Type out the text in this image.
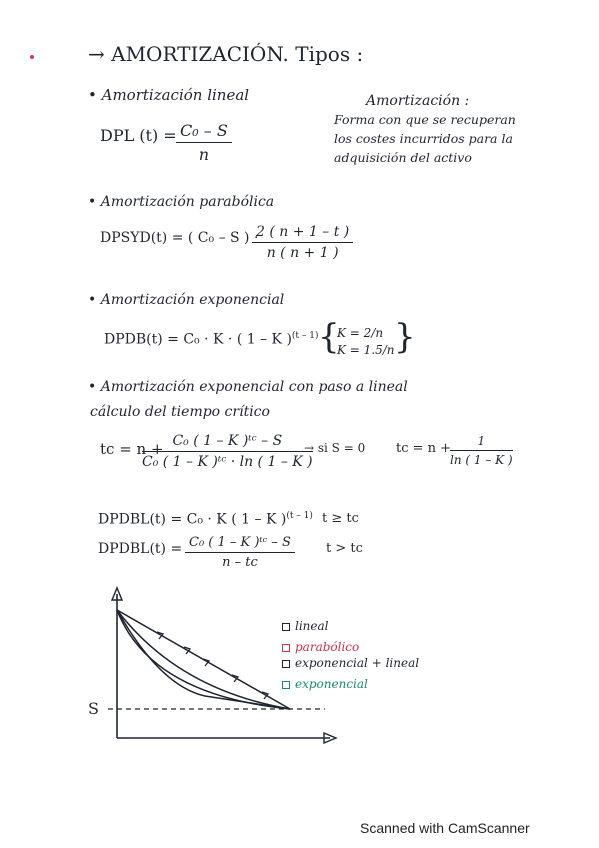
→ AMORTIZACIÓN. Tipos :
• Amortización lineal
DPL $(t) = \frac{\text{C₀ – S}}{n}$
Amortización :
Forma con que se recuperan
los costes incurridos para la
adquisición del activo
• Amortización parabólica
DPSYD(t) = ( C₀ – S ) ·
$\frac{2 ( n + 1 - t )}{n ( n + 1 )}$
• Amortización exponencial
DPDB(t) = C₀ · K · ( 1 – K )$^{(t - 1)}$ {
K = 2/n
K = 1.5/n }
• Amortización exponencial con paso a lineal
cálculo del tiempo crítico
tc = n +
$\frac{\text{C₀ ( 1 – K )ᵗᶜ – S}}{\text{C₀ ( 1 – K )ᵗᶜ · ln ( 1 – K )}}$
→ si S = 0 tc = n +
$\frac{1}{\ln ( 1 - K )}$
DPDBL(t) = C₀ · K ( 1 – K )$^{(t - 1)}$ t ≥ tc
DPDBL(t) = $\frac{\text{C₀ ( 1 – K )ᵗᶜ – S}}{n - tc}$ t > tc
S
lineal
parabólico
exponencial + lineal
exponencial
Scanned with CamScanner
